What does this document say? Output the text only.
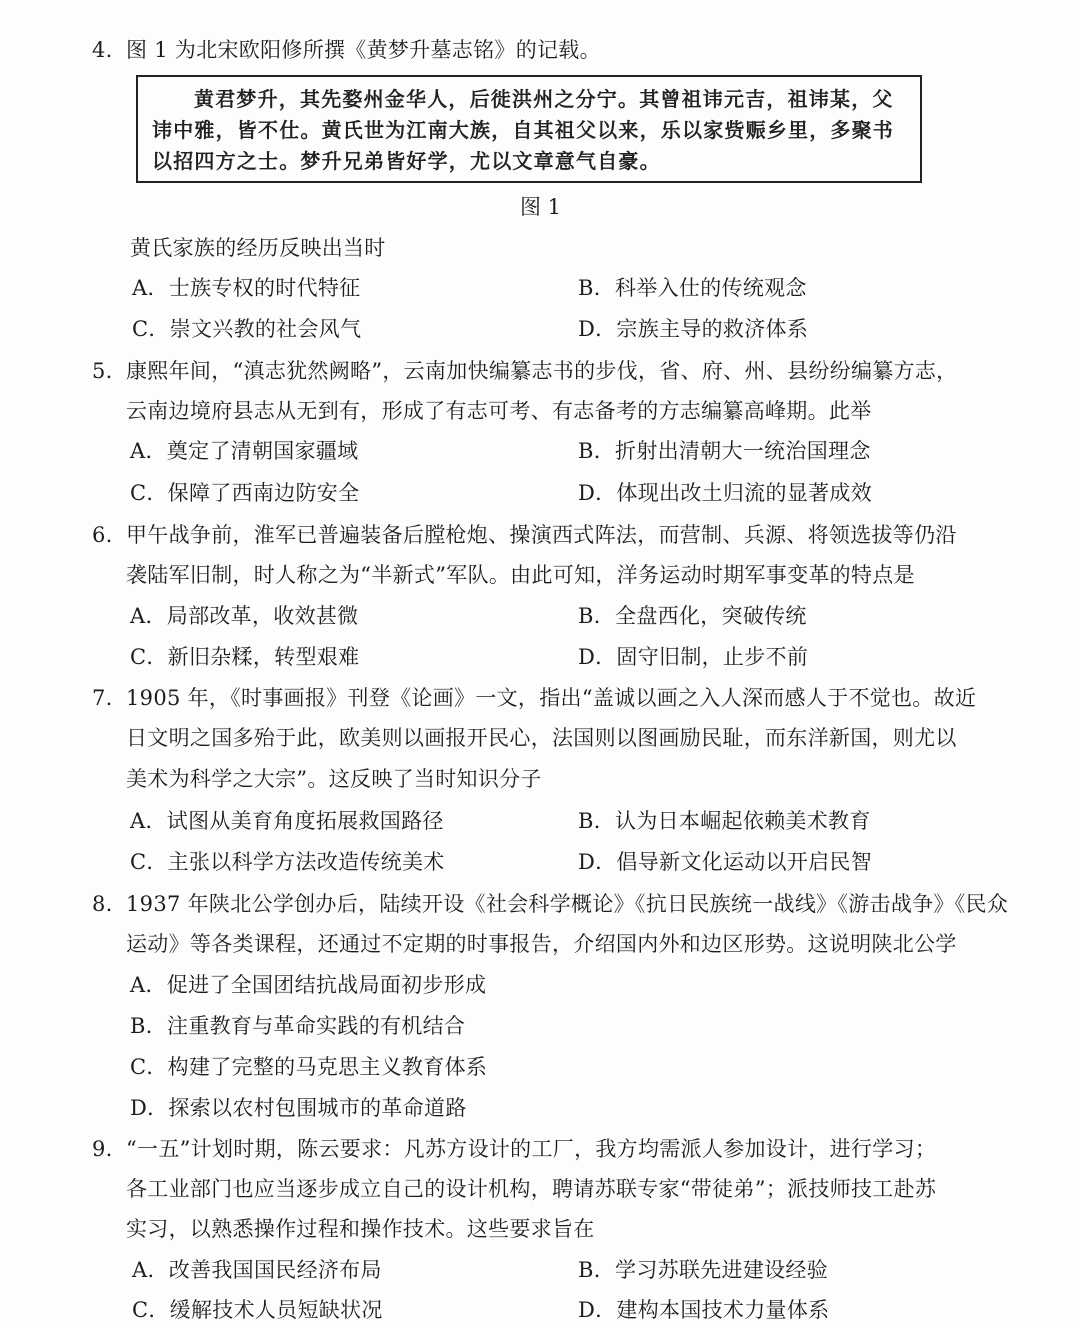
4. 图 1 为北宋欧阳修所撰《黄梦升墓志铭》的记载。
黄君梦升，其先婺州金华人，后徙洪州之分宁。其曾祖讳元吉，祖讳某，父
讳中雅，皆不仕。黄氏世为江南大族，自其祖父以来，乐以家赀赈乡里，多聚书
以招四方之士。梦升兄弟皆好学，尤以文章意气自豪。
图 1
黄氏家族的经历反映出当时
A．士族专权的时代特征	B．科举入仕的传统观念
C．崇文兴教的社会风气	D．宗族主导的救济体系
5. 康熙年间，“滇志犹然阙略”，云南加快编纂志书的步伐，省、府、州、县纷纷编纂方志，
云南边境府县志从无到有，形成了有志可考、有志备考的方志编纂高峰期。此举
A．奠定了清朝国家疆域	B．折射出清朝大一统治国理念
C．保障了西南边防安全	D．体现出改土归流的显著成效
6. 甲午战争前，淮军已普遍装备后膛枪炮、操演西式阵法，而营制、兵源、将领选拔等仍沿
袭陆军旧制，时人称之为“半新式”军队。由此可知，洋务运动时期军事变革的特点是
A．局部改革，收效甚微	B．全盘西化，突破传统
C．新旧杂糅，转型艰难	D．固守旧制，止步不前
7. 1905 年，《时事画报》刊登《论画》一文，指出“盖诚以画之入人深而感人于不觉也。故近
日文明之国多殆于此，欧美则以画报开民心，法国则以图画励民耻，而东洋新国，则尤以
美术为科学之大宗”。这反映了当时知识分子
A．试图从美育角度拓展救国路径	B．认为日本崛起依赖美术教育
C．主张以科学方法改造传统美术	D．倡导新文化运动以开启民智
8. 1937 年陕北公学创办后，陆续开设《社会科学概论》《抗日民族统一战线》《游击战争》《民众
运动》等各类课程，还通过不定期的时事报告，介绍国内外和边区形势。这说明陕北公学
A．促进了全国团结抗战局面初步形成
B．注重教育与革命实践的有机结合
C．构建了完整的马克思主义教育体系
D．探索以农村包围城市的革命道路
9. “一五”计划时期，陈云要求：凡苏方设计的工厂，我方均需派人参加设计，进行学习；
各工业部门也应当逐步成立自己的设计机构，聘请苏联专家“带徒弟”；派技师技工赴苏
实习，以熟悉操作过程和操作技术。这些要求旨在
A．改善我国国民经济布局	B．学习苏联先进建设经验
C．缓解技术人员短缺状况	D．建构本国技术力量体系
